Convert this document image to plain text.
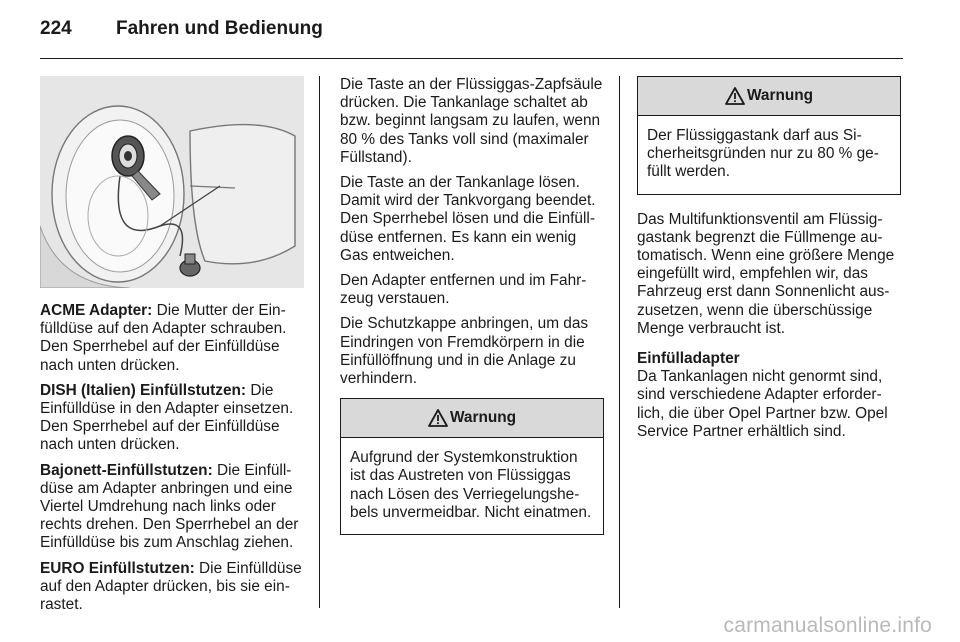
224 Fahren und Bedienung

ACME Adapter: Die Mutter der Einfülldüse auf den Adapter schrauben. Den Sperrhebel auf der Einfülldüse nach unten drücken.

DISH (Italien) Einfüllstutzen: Die Einfülldüse in den Adapter einsetzen. Den Sperrhebel auf der Einfülldüse nach unten drücken.

Bajonett-Einfüllstutzen: Die Einfülldüse am Adapter anbringen und eine Viertel Umdrehung nach links oder rechts drehen. Den Sperrhebel an der Einfülldüse bis zum Anschlag ziehen.

EURO Einfüllstutzen: Die Einfülldüse auf den Adapter drücken, bis sie einrastet.

Die Taste an der Flüssiggas-Zapfsäule drücken. Die Tankanlage schaltet ab bzw. beginnt langsam zu laufen, wenn 80 % des Tanks voll sind (maximaler Füllstand).

Die Taste an der Tankanlage lösen. Damit wird der Tankvorgang beendet. Den Sperrhebel lösen und die Einfülldüse entfernen. Es kann ein wenig Gas entweichen.

Den Adapter entfernen und im Fahrzeug verstauen.

Die Schutzkappe anbringen, um das Eindringen von Fremdkörpern in die Einfüllöffnung und in die Anlage zu verhindern.

Warnung
Aufgrund der Systemkonstruktion ist das Austreten von Flüssiggas nach Lösen des Verriegelungshebels unvermeidbar. Nicht einatmen.
Warnung
Der Flüssiggastank darf aus Sicherheitsgründen nur zu 80 % gefüllt werden.

Das Multifunktionsventil am Flüssiggastank begrenzt die Füllmenge automatisch. Wenn eine größere Menge eingefüllt wird, empfehlen wir, das Fahrzeug erst dann Sonnenlicht auszusetzen, wenn die überschüssige Menge verbraucht ist.

Einfülladapter

Da Tankanlagen nicht genormt sind, sind verschiedene Adapter erforderlich, die über Opel Partner bzw. Opel Service Partner erhältlich sind.

carmanualsonline.info
